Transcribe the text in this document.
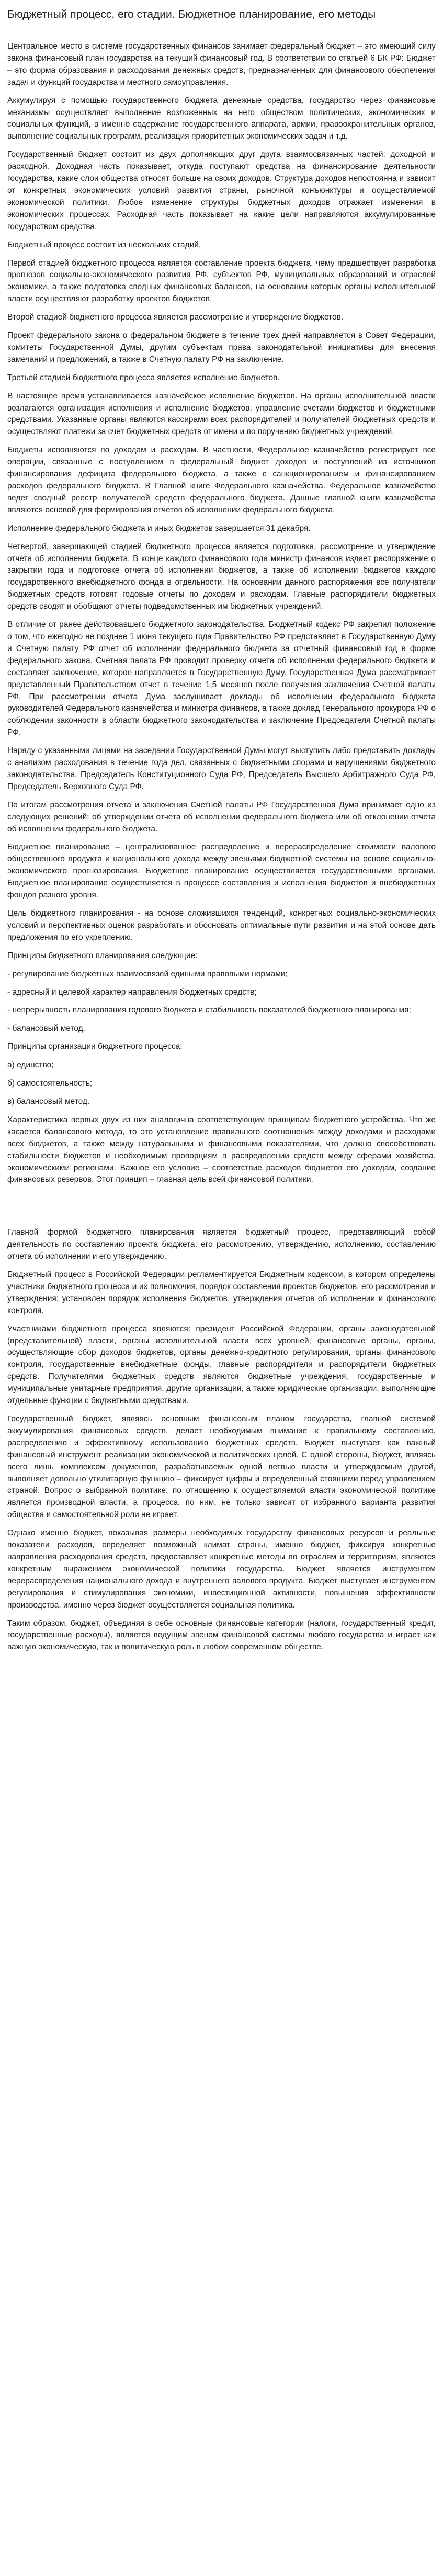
Бюджетный процесс, его стадии. Бюджетное планирование, его методы

Центральное место в системе государственных финансов занимает федеральный бюджет – это имеющий силу закона финансовый план государства на текущий финансовый год. В соответствии со статьей 6 БК РФ: Бюджет – это форма образования и расходования денежных средств, предназначенных для финансового обеспечения задач и функций государства и местного самоуправления.

Аккумулируя с помощью государственного бюджета денежные средства, государство через финансовые механизмы осуществляет выполнение возложенных на него обществом политических, экономических и социальных функций, в именно содержание государственного аппарата, армии, правоохранительных органов, выполнение социальных программ, реализация приоритетных экономических задач и т.д.

Государственный бюджет состоит из двух дополняющих друг друга взаимосвязанных частей: доходной и расходной. Доходная часть показывает, откуда поступают средства на финансирование деятельности государства, какие слои общества относят больше на своих доходов. Структура доходов непостоянна и зависит от конкретных экономических условий развития страны, рыночной конъюнктуры и осуществляемой экономической политики. Любое изменение структуры бюджетных доходов отражает изменения в экономических процессах. Расходная часть показывает на какие цели направляются аккумулированные государством средства.

Бюджетный процесс состоит из нескольких стадий.

Первой стадией бюджетного процесса является составление проекта бюджета, чему предшествует разработка прогнозов социально-экономического развития РФ, субъектов РФ, муниципальных образований и отраслей экономики, а также подготовка сводных финансовых балансов, на основании которых органы исполнительной власти осуществляют разработку проектов бюджетов.

Второй стадией бюджетного процесса является рассмотрение и утверждение бюджетов.

Проект федерального закона о федеральном бюджете в течение трех дней направляется в Совет Федерации, комитеты Государственной Думы, другим субъектам права законодательной инициативы для внесения замечаний и предложений, а также в Счетную палату РФ на заключение.

Третьей стадией бюджетного процесса является исполнение бюджетов.

В настоящее время устанавливается казначейское исполнение бюджетов. На органы исполнительной власти возлагаются организация исполнения и исполнение бюджетов, управление счетами бюджетов и бюджетными средствами. Указанные органы являются кассирами всех распорядителей и получателей бюджетных средств и осуществляют платежи за счет бюджетных средств от имени и по поручению бюджетных учреждений.

Бюджеты исполняются по доходам и расходам. В частности, Федеральное казначейство регистрирует все операции, связанные с поступлением в федеральный бюджет доходов и поступлений из источников финансирования дефицита федерального бюджета, а также с санкционированием и финансированием расходов федерального бюджета. В Главной книге Федерального казначейства. Федеральное казначейство ведет сводный реестр получателей средств федерального бюджета. Данные главной книги казначейства являются основой для формирования отчетов об исполнении федерального бюджета.

Исполнение федерального бюджета и иных бюджетов завершается 31 декабря.

Четвертой, завершающей стадией бюджетного процесса является подготовка, рассмотрение и утверждение отчета об исполнении бюджета. В конце каждого финансового года министр финансов издает распоряжение о закрытии года и подготовке отчета об исполнении бюджетов, а также об исполнении бюджетов каждого государственного внебюджетного фонда в отдельности. На основании данного распоряжения все получатели бюджетных средств готовят годовые отчеты по доходам и расходам. Главные распорядители бюджетных средств сводят и обобщают отчеты подведомственных им бюджетных учреждений.

В отличие от ранее действовавшего бюджетного законодательства, Бюджетный кодекс РФ закрепил положение о том, что ежегодно не позднее 1 июня текущего года Правительство РФ представляет в Государственную Думу и Счетную палату РФ отчет об исполнении федерального бюджета за отчетный финансовый год в форме федерального закона. Счетная палата РФ проводит проверку отчета об исполнении федерального бюджета и составляет заключение, которое направляется в Государственную Думу. Государственная Дума рассматривает представленный Правительством отчет в течение 1,5 месяцев после получения заключения Счетной палаты РФ. При рассмотрении отчета Дума заслушивает доклады об исполнении федерального бюджета руководителей Федерального казначейства и министра финансов, а также доклад Генерального прокурора РФ о соблюдении законности в области бюджетного законодательства и заключение Председателя Счетной палаты РФ.

Наряду с указанными лицами на заседании Государственной Думы могут выступить либо представить доклады с анализом расходования в течение года дел, связанных с бюджетными спорами и нарушениями бюджетного законодательства, Председатель Конституционного Суда РФ, Председатель Высшего Арбитражного Суда РФ, Председатель Верховного Суда РФ.

По итогам рассмотрения отчета и заключения Счетной палаты РФ Государственная Дума принимает одно из следующих решений: об утверждении отчета об исполнении федерального бюджета или об отклонении отчета об исполнении федерального бюджета.

Бюджетное планирование – централизованное распределение и перераспределение стоимости валового общественного продукта и национального дохода между звеньями бюджетной системы на основе социально-экономического прогнозирования. Бюджетное планирование осуществляется государственными органами. Бюджетное планирование осуществляется в процессе составления и исполнения бюджетов и внебюджетных фондов разного уровня.

Цель бюджетного планирования - на основе сложившихся тенденций, конкретных социально-экономических условий и перспективных оценок разработать и обосновать оптимальные пути развития и на этой основе дать предложения по его укреплению.

Принципы бюджетного планирования следующие:

- регулирование бюджетных взаимосвязей едиными правовыми нормами;

- адресный и целевой характер направления бюджетных средств;

- непрерывность планирования годового бюджета и стабильность показателей бюджетного планирования;

- балансовый метод.

Принципы организации бюджетного процесса:

а) единство;

б) самостоятельность;

в) балансовый метод.

Характеристика первых двух из них аналогична соответствующим принципам бюджетного устройства. Что же касается балансового метода, то это установление правильного соотношения между доходами и расходами всех бюджетов, а также между натуральными и финансовыми показателями, что должно способствовать стабильности бюджетов и необходимым пропорциям в распределении средств между сферами хозяйства, экономическими регионами. Важное его условие – соответствие расходов бюджетов его доходам, создание финансовых резервов. Этот принцип – главная цель всей финансовой политики.

Главной формой бюджетного планирования является бюджетный процесс, представляющий собой деятельность по составлению проекта бюджета, его рассмотрению, утверждению, исполнению, составлению отчета об исполнении и его утверждению.

Бюджетный процесс в Российской Федерации регламентируется Бюджетным кодексом, в котором определены участники бюджетного процесса и их полномочия, порядок составления проектов бюджетов, его рассмотрения и утверждения; установлен порядок исполнения бюджетов, утверждения отчетов об исполнении и финансового контроля.

Участниками бюджетного процесса являются: президент Российской Федерации, органы законодательной (представительной) власти, органы исполнительной власти всех уровней, финансовые органы, органы, осуществляющие сбор доходов бюджетов, органы денежно-кредитного регулирования, органы финансового контроля, государственные внебюджетные фонды, главные распорядители и распорядители бюджетных средств. Получателями бюджетных средств являются бюджетные учреждения, государственные и муниципальные унитарные предприятия, другие организации, а также юридические организации, выполняющие отдельные функции с бюджетными средствами.

Государственный бюджет, являясь основным финансовым планом государства, главной системой аккумулирования финансовых средств, делает необходимым внимание к правильному составлению, распределению и эффективному использованию бюджетных средств. Бюджет выступает как важный финансовый инструмент реализации экономической и политических целей. С одной стороны, бюджет, являясь всего лишь комплексом документов, разрабатываемых одной ветвью власти и утверждаемым другой, выполняет довольно утилитарную функцию – фиксирует цифры и определенный стоящими перед управлением страной. Вопрос о выбранной политике: по отношению к осуществляемой власти экономической политике является производной власти, а процесса, по ним, не только зависит от избранного варианта развития общества и самостоятельной роли не играет.

Однако именно бюджет, показывая размеры необходимых государству финансовых ресурсов и реальные показатели расходов, определяет возможный климат страны, именно бюджет, фиксируя конкретные направления расходования средств, предоставляет конкретные методы по отраслям и территориям, является конкретным выражением экономической политики государства. Бюджет является инструментом перераспределения национального дохода и внутреннего валового продукта. Бюджет выступает инструментом регулирования и стимулирования экономики, инвестиционной активности, повышения эффективности производства, именно через бюджет осуществляется социальная политика.

Таким образом, бюджет, объединяя в себе основные финансовые категории (налоги, государственный кредит, государственные расходы), является ведущим звеном финансовой системы любого государства и играет как важную экономическую, так и политическую роль в любом современном обществе.
